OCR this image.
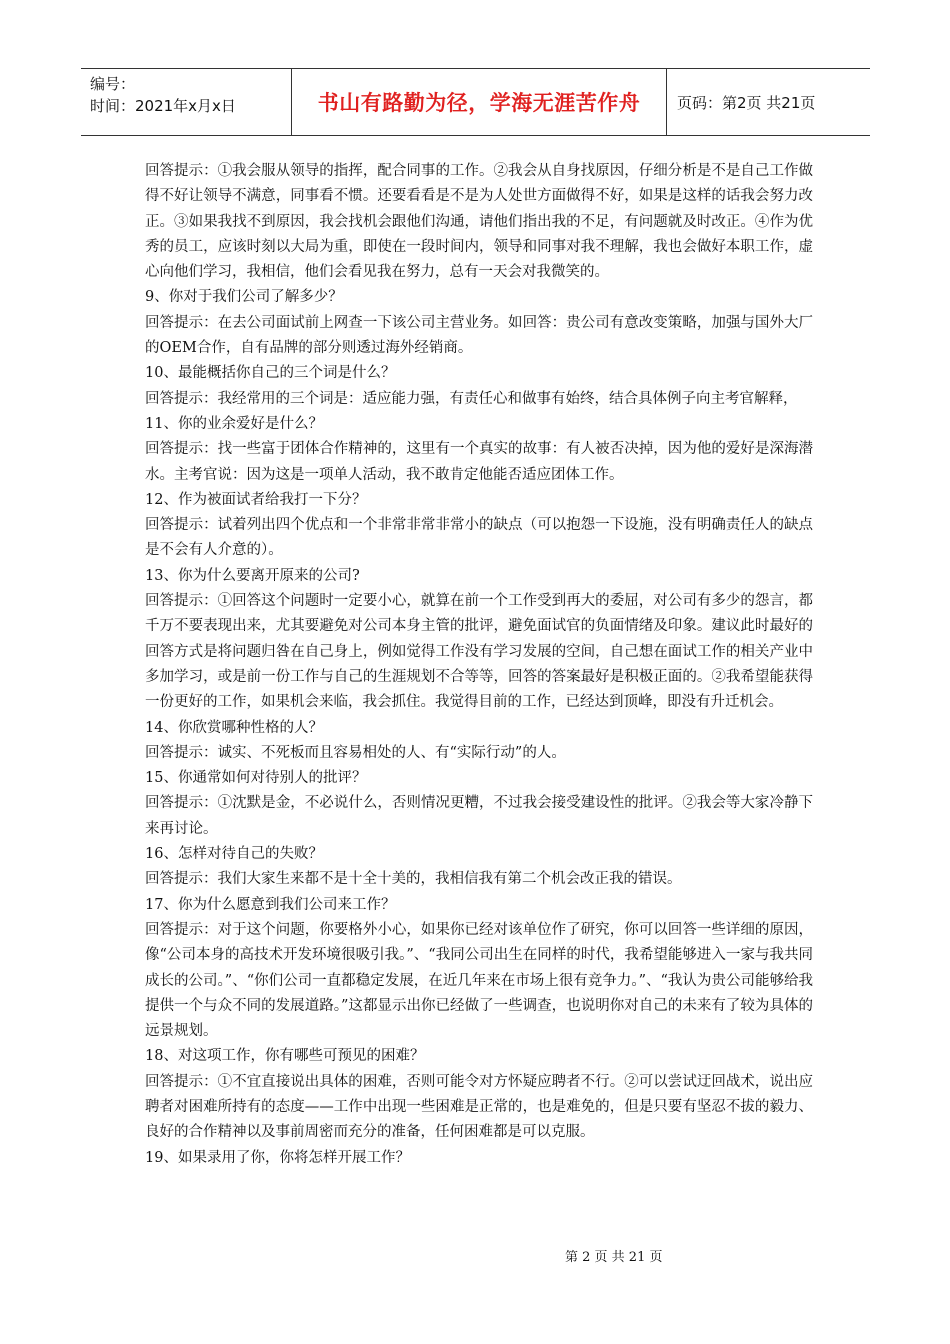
编号：
时间：2021年x月x日	书山有路勤为径，学海无涯苦作舟	页码：第2页 共21页

回答提示：①我会服从领导的指挥，配合同事的工作。②我会从自身找原因，仔细分析是不是自己工作做得不好让领导不满意，同事看不惯。还要看看是不是为人处世方面做得不好，如果是这样的话我会努力改正。③如果我找不到原因，我会找机会跟他们沟通，请他们指出我的不足，有问题就及时改正。④作为优秀的员工，应该时刻以大局为重，即使在一段时间内，领导和同事对我不理解，我也会做好本职工作，虚心向他们学习，我相信，他们会看见我在努力，总有一天会对我微笑的。

9、你对于我们公司了解多少？

回答提示：在去公司面试前上网查一下该公司主营业务。如回答：贵公司有意改变策略，加强与国外大厂的OEM合作，自有品牌的部分则透过海外经销商。

10、最能概括你自己的三个词是什么？

回答提示：我经常用的三个词是：适应能力强，有责任心和做事有始终，结合具体例子向主考官解释，

11、你的业余爱好是什么？

回答提示：找一些富于团体合作精神的，这里有一个真实的故事：有人被否决掉，因为他的爱好是深海潜水。主考官说：因为这是一项单人活动，我不敢肯定他能否适应团体工作。

12、作为被面试者给我打一下分？

回答提示：试着列出四个优点和一个非常非常非常小的缺点（可以抱怨一下设施，没有明确责任人的缺点是不会有人介意的）。

13、你为什么要离开原来的公司?

回答提示：①回答这个问题时一定要小心，就算在前一个工作受到再大的委屈，对公司有多少的怨言，都千万不要表现出来，尤其要避免对公司本身主管的批评，避免面试官的负面情绪及印象。建议此时最好的回答方式是将问题归咎在自己身上，例如觉得工作没有学习发展的空间，自己想在面试工作的相关产业中多加学习，或是前一份工作与自己的生涯规划不合等等，回答的答案最好是积极正面的。②我希望能获得一份更好的工作，如果机会来临，我会抓住。我觉得目前的工作，已经达到顶峰，即没有升迁机会。

14、你欣赏哪种性格的人？

回答提示：诚实、不死板而且容易相处的人、有“实际行动”的人。

15、你通常如何对待别人的批评？

回答提示：①沈默是金，不必说什么，否则情况更糟，不过我会接受建设性的批评。②我会等大家冷静下来再讨论。

16、怎样对待自己的失败？

回答提示：我们大家生来都不是十全十美的，我相信我有第二个机会改正我的错误。

17、你为什么愿意到我们公司来工作？

回答提示：对于这个问题，你要格外小心，如果你已经对该单位作了研究，你可以回答一些详细的原因，像“公司本身的高技术开发环境很吸引我。”、“我同公司出生在同样的时代，我希望能够进入一家与我共同成长的公司。”、“你们公司一直都稳定发展，在近几年来在市场上很有竞争力。”、“我认为贵公司能够给我提供一个与众不同的发展道路。”这都显示出你已经做了一些调查，也说明你对自己的未来有了较为具体的远景规划。

18、对这项工作，你有哪些可预见的困难？

回答提示：①不宜直接说出具体的困难，否则可能令对方怀疑应聘者不行。②可以尝试迂回战术，说出应聘者对困难所持有的态度——工作中出现一些困难是正常的，也是难免的，但是只要有坚忍不拔的毅力、良好的合作精神以及事前周密而充分的准备，任何困难都是可以克服。

19、如果录用了你，你将怎样开展工作？

第 2 页 共 21 页
